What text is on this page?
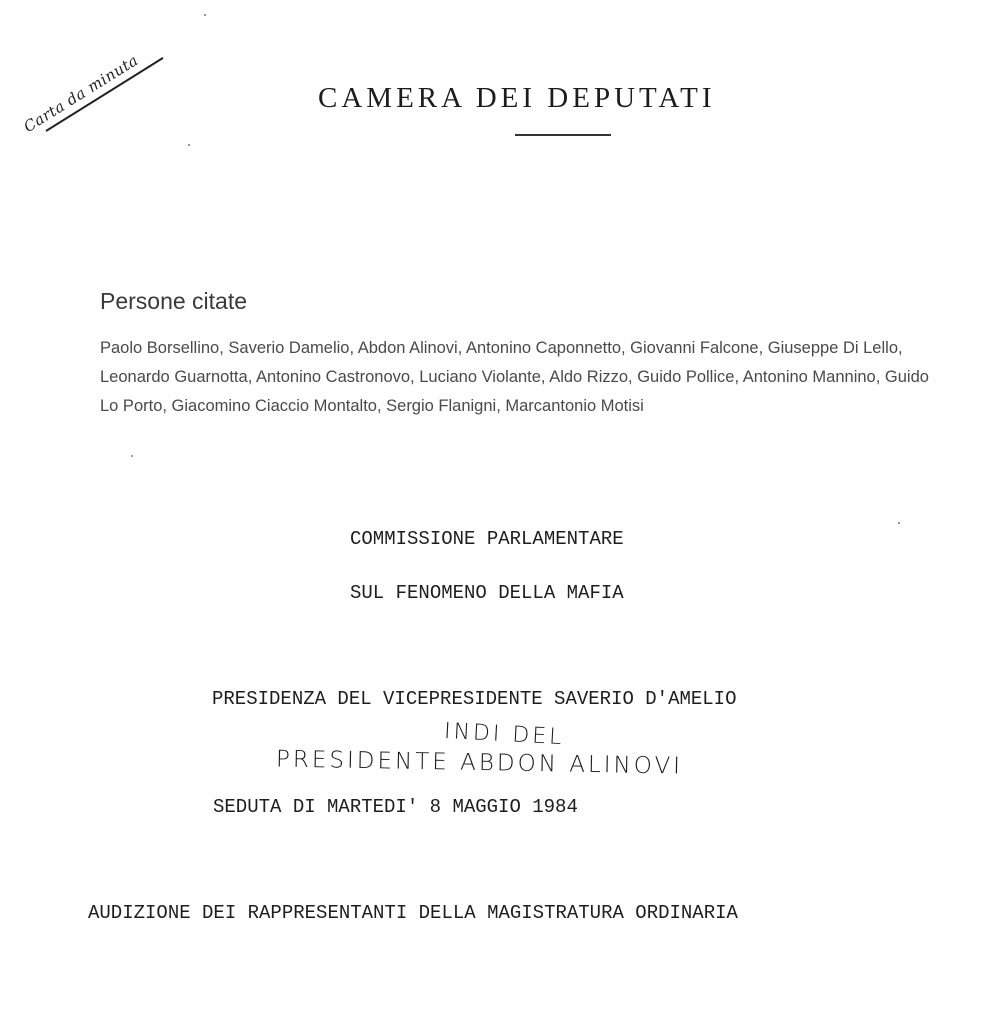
Carta da minuta	CAMERA DEI DEPUTATI
Persone citate
Paolo Borsellino, Saverio Damelio, Abdon Alinovi, Antonino Caponnetto, Giovanni Falcone, Giuseppe Di Lello, Leonardo Guarnotta, Antonino Castronovo, Luciano Violante, Aldo Rizzo, Guido Pollice, Antonino Mannino, Guido Lo Porto, Giacomino Ciaccio Montalto, Sergio Flanigni, Marcantonio Motisi
COMMISSIONE PARLAMENTARE
SUL FENOMENO DELLA MAFIA
PRESIDENZA DEL VICEPRESIDENTE SAVERIO D'AMELIO
INDI DEL
PRESIDENTE ABDON ALINOVI
SEDUTA DI MARTEDI' 8 MAGGIO 1984
AUDIZIONE DEI RAPPRESENTANTI DELLA MAGISTRATURA ORDINARIA
